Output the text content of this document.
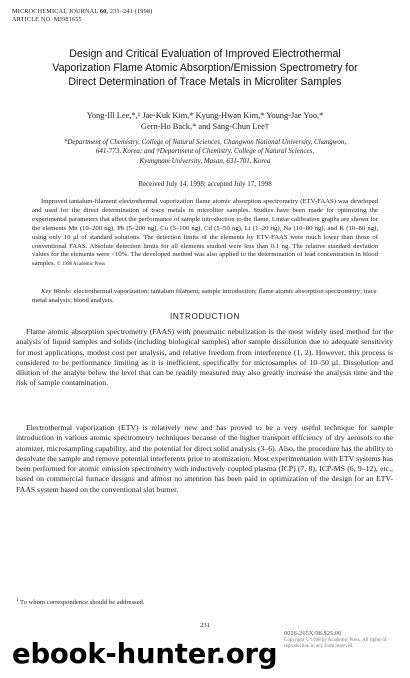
MICROCHEMICAL JOURNAL 60, 231–241 (1998)
ARTICLE NO. MJ981655
Design and Critical Evaluation of Improved Electrothermal
Vaporization Flame Atomic Absorption/Emission Spectrometry for
Direct Determination of Trace Metals in Microliter Samples
Yong-Ill Lee,*,¹ Jae-Kuk Kim,* Kyung-Hwan Kim,* Young-Jae Yoo,*
Gern-Ho Back,* and Sang-Chun Lee†
*Department of Chemistry, College of Natural Sciences, Changwon National University, Changwon,
641-773, Korea; and †Department of Chemistry, College of Natural Sciences,
Kyungnam University, Masan, 631-701, Korea
Received July 14, 1998; accepted July 17, 1998
Improved tantalum-filament electrothermal vaporization flame atomic absorption spectrometry (ETV-FAAS) was developed and used for the direct determination of trace metals in microliter samples. Studies have been made for optimizing the experimental parameters that affect the performance of sample introduction to the flame. Linear calibration graphs are shown for the elements Mn (10–200 ng), Pb (5–200 ng), Cu (5–100 ng), Cd (5–50 ng), Li (1–20 ng), Na (10–80 ng), and K (10–80 ng), using only 10 μl of standard solutions. The detection limits of the elements by ETV-FAAS were much lower than those of conventional FAAS. Absolute detection limits for all elements studied were less than 0.1 ng. The relative standard deviation values for the elements were <10%. The developed method was also applied to the determination of lead concentration in blood samples. © 1998 Academic Press
Key Words: electrothermal vaporization; tantalum filament; sample introduction; flame atomic absorption spectrometry; trace metal analysis; blood analysis.
INTRODUCTION
Flame atomic absorption spectrometry (FAAS) with pneumatic nebulization is the most widely used method for the analysis of liquid samples and solids (including biological samples) after sample dissolution due to adequate sensitivity for most applications, modest cost per analysis, and relative freedom from interference (1, 2). However, this process is considered to be performance limiting as it is inefficient, specifically for microsamples of 10–50 μl. Dissolution and dilution of the analyte below the level that can be readily measured may also greatly increase the analysis time and the risk of sample contamination.
Electrothermal vaporization (ETV) is relatively new and has proved to be a very useful technique for sample introduction in various atomic spectrometry techniques because of the higher transport efficiency of dry aerosols to the atomizer, microsampling capability, and the potential for direct solid analysis (3–6). Also, the procedure has the ability to desolvate the sample and remove potential interferents prior to atomization. Most experimentation with ETV systems has been performed for atomic emission spectrometry with inductively coupled plasma (ICP) (7, 8), ICP-MS (6, 9–12), etc., based on commercial furnace designs and almost no attention has been paid to optimization of the design for an ETV-FAAS system based on the conventional slot burner.
$^1$ To whom correspondence should be addressed.
231
0026-265X/98 $25.00
Copyright © 1998 by Academic Press. All rights of reproduction in any form reserved.
ebook-hunter.org
